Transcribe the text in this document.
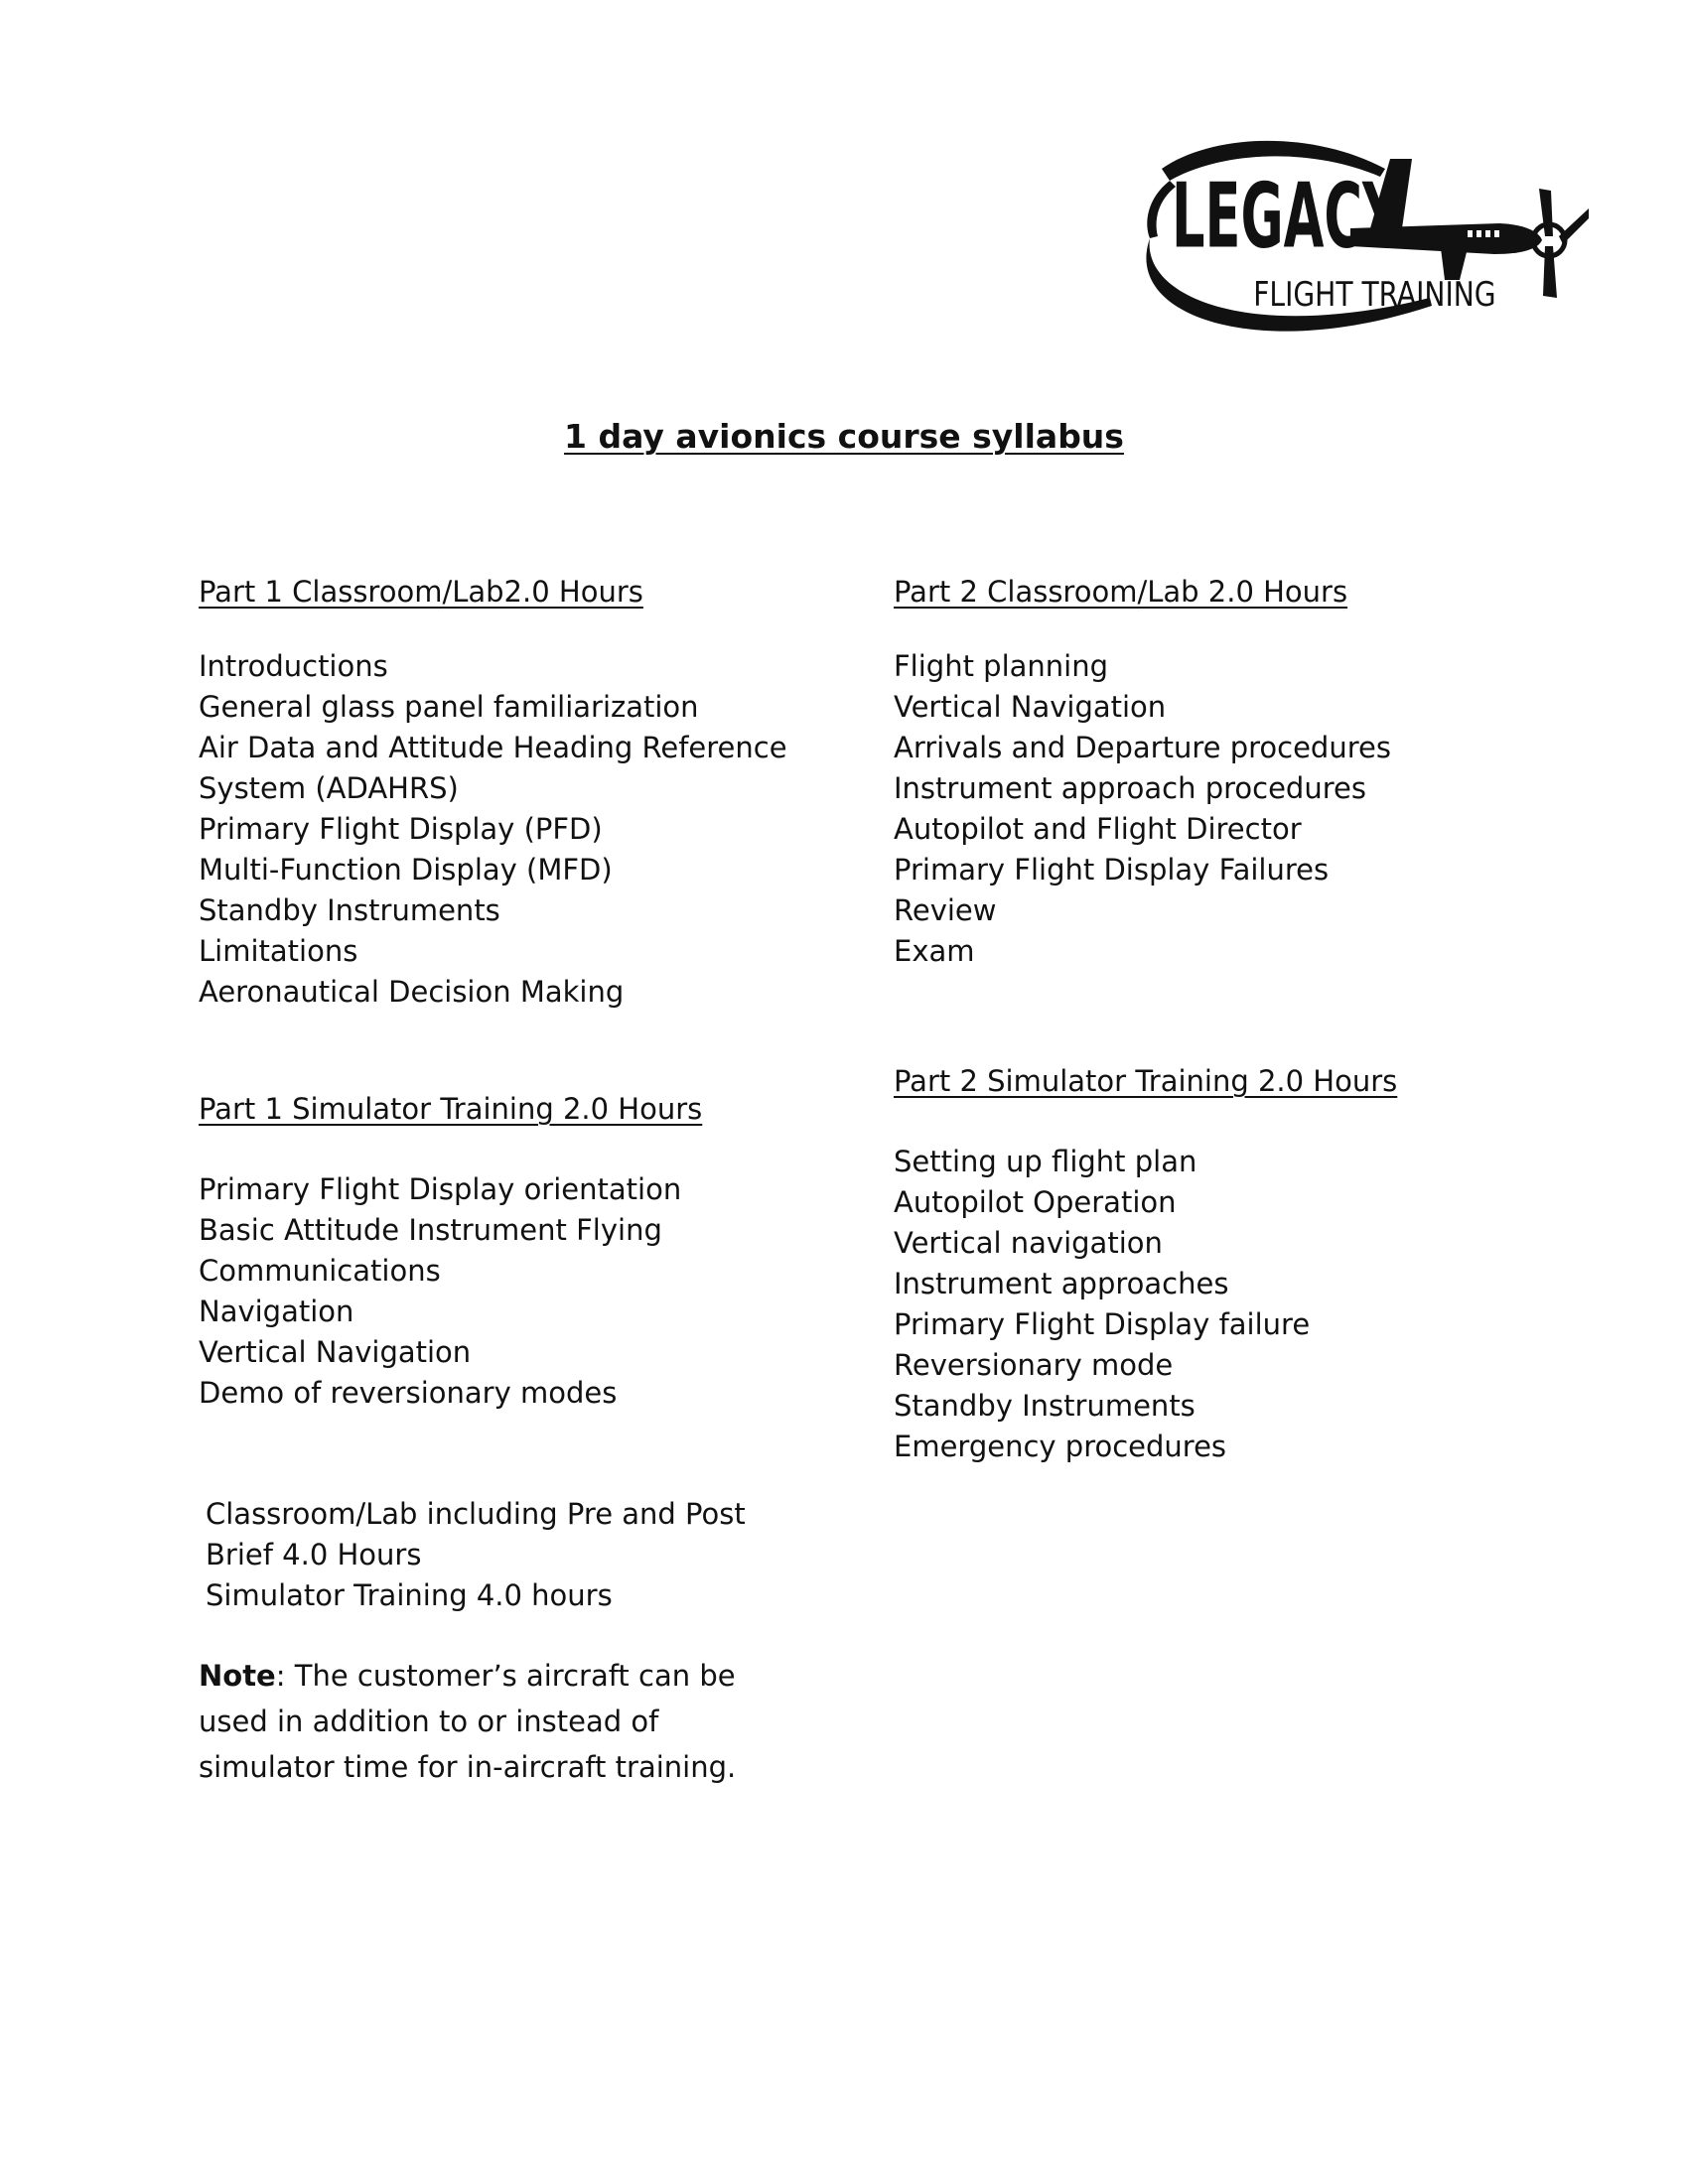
LEGACY
FLIGHT TRAINING
1 day avionics course syllabus
Part 1 Classroom/Lab2.0 Hours
Introductions
General glass panel familiarization
Air Data and Attitude Heading Reference
System (ADAHRS)
Primary Flight Display (PFD)
Multi-Function Display (MFD)
Standby Instruments
Limitations
Aeronautical Decision Making
Part 2 Classroom/Lab 2.0 Hours
Flight planning
Vertical Navigation
Arrivals and Departure procedures
Instrument approach procedures
Autopilot and Flight Director
Primary Flight Display Failures
Review
Exam
Part 1 Simulator Training 2.0 Hours
Primary Flight Display orientation
Basic Attitude Instrument Flying
Communications
Navigation
Vertical Navigation
Demo of reversionary modes
Part 2 Simulator Training 2.0 Hours
Setting up flight plan
Autopilot Operation
Vertical navigation
Instrument approaches
Primary Flight Display failure
Reversionary mode
Standby Instruments
Emergency procedures
Classroom/Lab including Pre and Post
Brief 4.0 Hours
Simulator Training 4.0 hours
Note: The customer’s aircraft can be used in addition to or instead of simulator time for in-aircraft training.
